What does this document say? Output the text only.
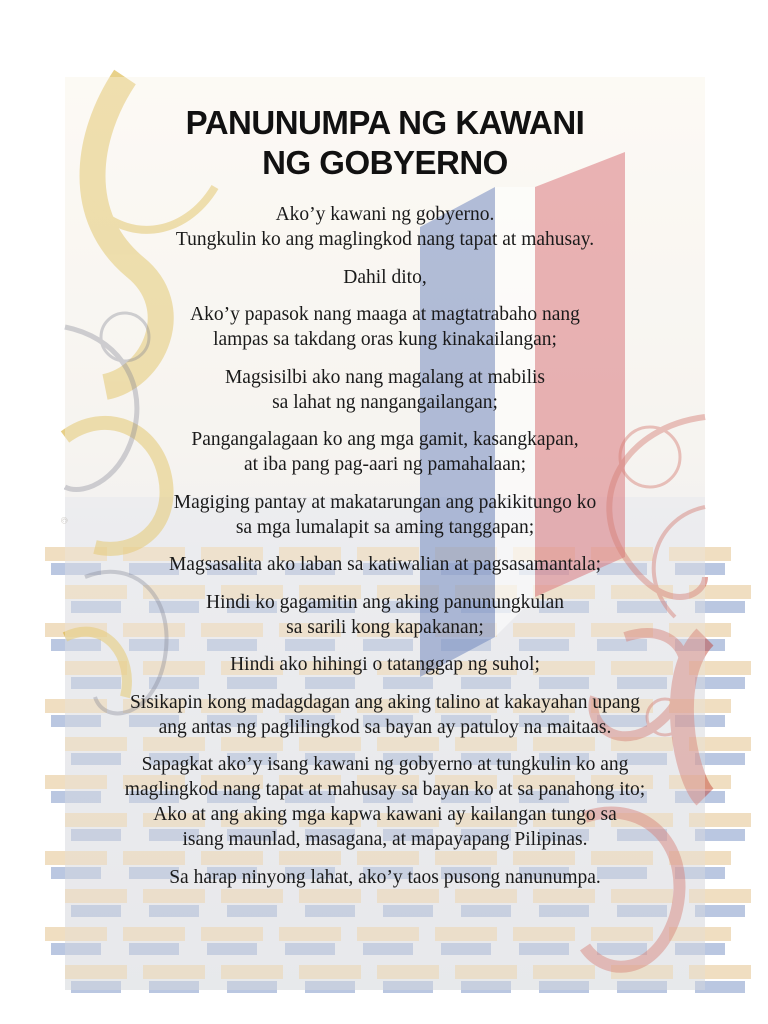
©
PANUNUMPA NG KAWANI
NG GOBYERNO
Ako’y kawani ng gobyerno.
Tungkulin ko ang maglingkod nang tapat at mahusay.
Dahil dito,
Ako’y papasok nang maaga at magtatrabaho nang
lampas sa takdang oras kung kinakailangan;
Magsisilbi ako nang magalang at mabilis
sa lahat ng nangangailangan;
Pangangalagaan ko ang mga gamit, kasangkapan,
at iba pang pag-aari ng pamahalaan;
Magiging pantay at makatarungan ang pakikitungo ko
sa mga lumalapit sa aming tanggapan;
Magsasalita ako laban sa katiwalian at pagsasamantala;
Hindi ko gagamitin ang aking panunungkulan
sa sarili kong kapakanan;
Hindi ako hihingi o tatanggap ng suhol;
Sisikapin kong madagdagan ang aking talino at kakayahan upang
ang antas ng paglilingkod sa bayan ay patuloy na maitaas.
Sapagkat ako’y isang kawani ng gobyerno at tungkulin ko ang
maglingkod nang tapat at mahusay sa bayan ko at sa panahong ito;
Ako at ang aking mga kapwa kawani ay kailangan tungo sa
isang maunlad, masagana, at mapayapang Pilipinas.
Sa harap ninyong lahat, ako’y taos pusong nanunumpa.
